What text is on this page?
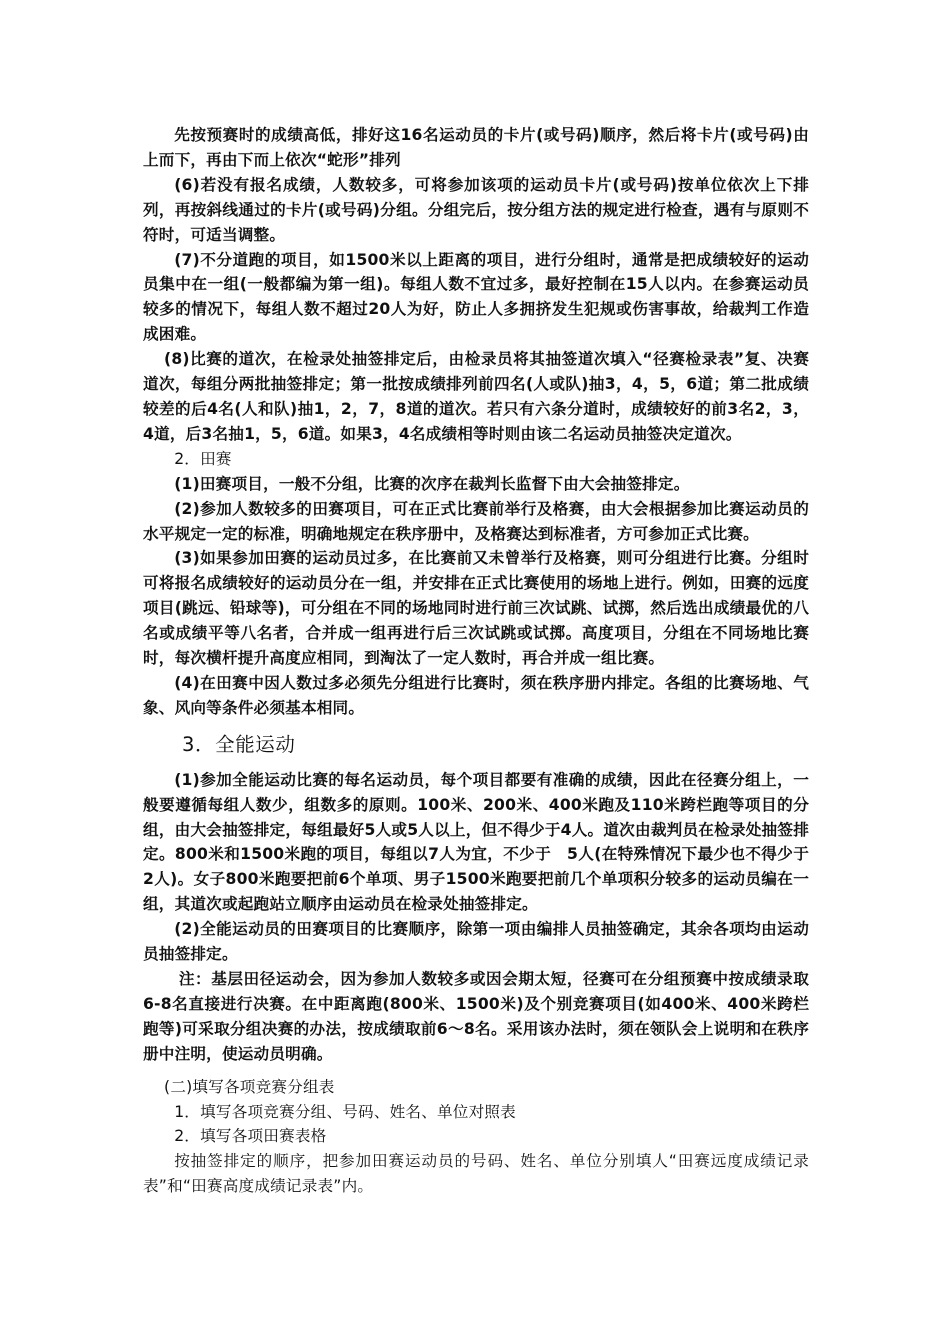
先按预赛时的成绩高低，排好这16名运动员的卡片(或号码)顺序，然后将卡片(或号码)由上而下，再由下而上依次“蛇形”排列

(6)若没有报名成绩，人数较多，可将参加该项的运动员卡片(或号码)按单位依次上下排列，再按斜线通过的卡片(或号码)分组。分组完后，按分组方法的规定进行检查，遇有与原则不符时，可适当调整。

(7)不分道跑的项目，如1500米以上距离的项目，进行分组时，通常是把成绩较好的运动员集中在一组(一般都编为第一组)。每组人数不宜过多，最好控制在15人以内。在参赛运动员较多的情况下，每组人数不超过20人为好，防止人多拥挤发生犯规或伤害事故，给裁判工作造成困难。

(8)比赛的道次，在检录处抽签排定后，由检录员将其抽签道次填入“径赛检录表”复、决赛道次，每组分两批抽签排定；第一批按成绩排列前四名(人或队)抽3，4，5，6道；第二批成绩较差的后4名(人和队)抽1，2，7，8道的道次。若只有六条分道时，成绩较好的前3名2，3，4道，后3名抽1，5，6道。如果3，4名成绩相等时则由该二名运动员抽签决定道次。

2．田赛

(1)田赛项目，一般不分组，比赛的次序在裁判长监督下由大会抽签排定。

(2)参加人数较多的田赛项目，可在正式比赛前举行及格赛，由大会根据参加比赛运动员的水平规定一定的标准，明确地规定在秩序册中，及格赛达到标准者，方可参加正式比赛。

(3)如果参加田赛的运动员过多，在比赛前又未曾举行及格赛，则可分组进行比赛。分组时可将报名成绩较好的运动员分在一组，并安排在正式比赛使用的场地上进行。例如，田赛的远度项目(跳远、铅球等)，可分组在不同的场地同时进行前三次试跳、试掷，然后选出成绩最优的八名或成绩平等八名者，合并成一组再进行后三次试跳或试掷。高度项目，分组在不同场地比赛时，每次横杆提升高度应相同，到淘汰了一定人数时，再合并成一组比赛。

(4)在田赛中因人数过多必须先分组进行比赛时，须在秩序册内排定。各组的比赛场地、气象、风向等条件必须基本相同。

3．全能运动

(1)参加全能运动比赛的每名运动员，每个项目都要有准确的成绩，因此在径赛分组上，一般要遵循每组人数少，组数多的原则。100米、200米、400米跑及110米跨栏跑等项目的分组，由大会抽签排定，每组最好5人或5人以上，但不得少于4人。道次由裁判员在检录处抽签排定。800米和1500米跑的项目，每组以7人为宜，不少于　5人(在特殊情况下最少也不得少于2人)。女子800米跑要把前6个单项、男子1500米跑要把前几个单项积分较多的运动员编在一组，其道次或起跑站立顺序由运动员在检录处抽签排定。

(2)全能运动员的田赛项目的比赛顺序，除第一项由编排人员抽签确定，其余各项均由运动员抽签排定。

注：基层田径运动会，因为参加人数较多或因会期太短，径赛可在分组预赛中按成绩录取6-8名直接进行决赛。在中距离跑(800米、1500米)及个别竞赛项目(如400米、400米跨栏跑等)可采取分组决赛的办法，按成绩取前6～8名。采用该办法时，须在领队会上说明和在秩序册中注明，使运动员明确。

(二)填写各项竞赛分组表

1．填写各项竞赛分组、号码、姓名、单位对照表

2．填写各项田赛表格

按抽签排定的顺序，把参加田赛运动员的号码、姓名、单位分别填人“田赛远度成绩记录表”和“田赛高度成绩记录表”内。
